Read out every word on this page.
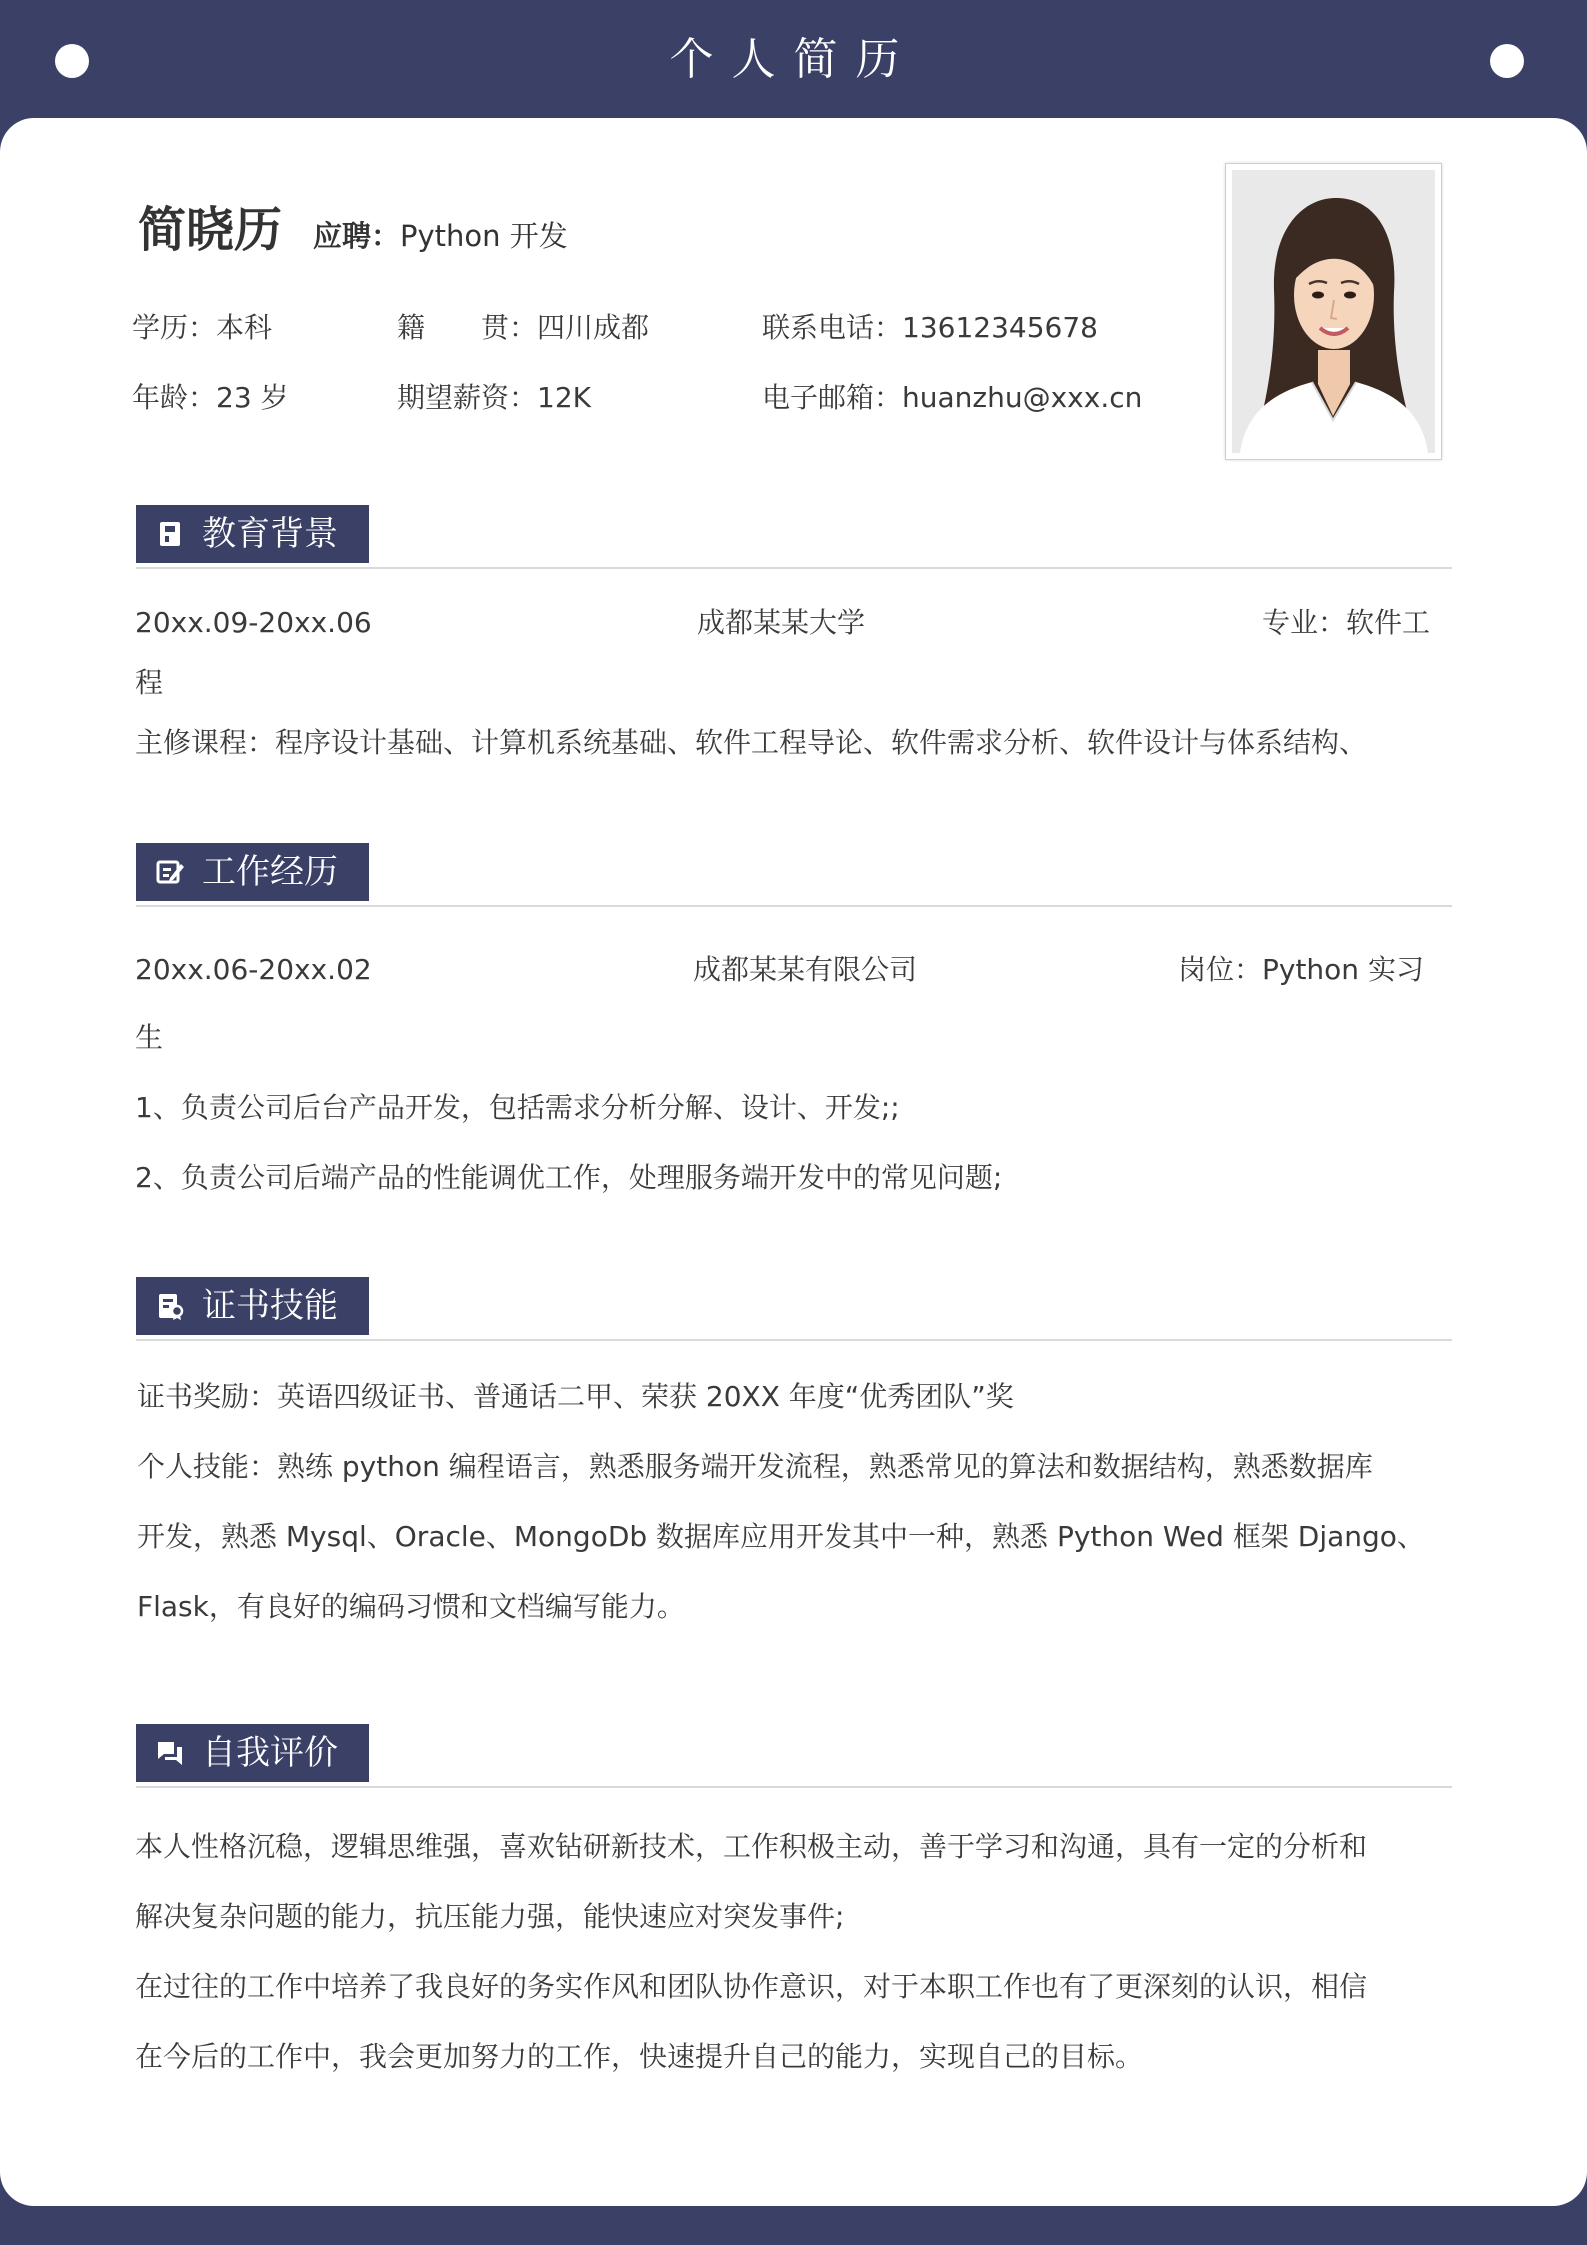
个人简历
简晓历 应聘：Python 开发
学历：本科	籍　　贯：四川成都	联系电话：13612345678
年龄：23 岁	期望薪资：12K	电子邮箱：huanzhu@xxx.cn
教育背景
20xx.09-20xx.06	成都某某大学	专业：软件工
程
主修课程：程序设计基础、计算机系统基础、软件工程导论、软件需求分析、软件设计与体系结构、
工作经历
20xx.06-20xx.02	成都某某有限公司	岗位：Python 实习
生
1、负责公司后台产品开发，包括需求分析分解、设计、开发;;
2、负责公司后端产品的性能调优工作，处理服务端开发中的常见问题;
证书技能
证书奖励：英语四级证书、普通话二甲、荣获 20XX 年度“优秀团队”奖
个人技能：熟练 python 编程语言，熟悉服务端开发流程，熟悉常见的算法和数据结构，熟悉数据库
开发，熟悉 Mysql、Oracle、MongoDb 数据库应用开发其中一种，熟悉 Python Wed 框架 Django、
Flask，有良好的编码习惯和文档编写能力。
自我评价
本人性格沉稳，逻辑思维强，喜欢钻研新技术，工作积极主动，善于学习和沟通，具有一定的分析和
解决复杂问题的能力，抗压能力强，能快速应对突发事件;
在过往的工作中培养了我良好的务实作风和团队协作意识，对于本职工作也有了更深刻的认识，相信
在今后的工作中，我会更加努力的工作，快速提升自己的能力，实现自己的目标。
